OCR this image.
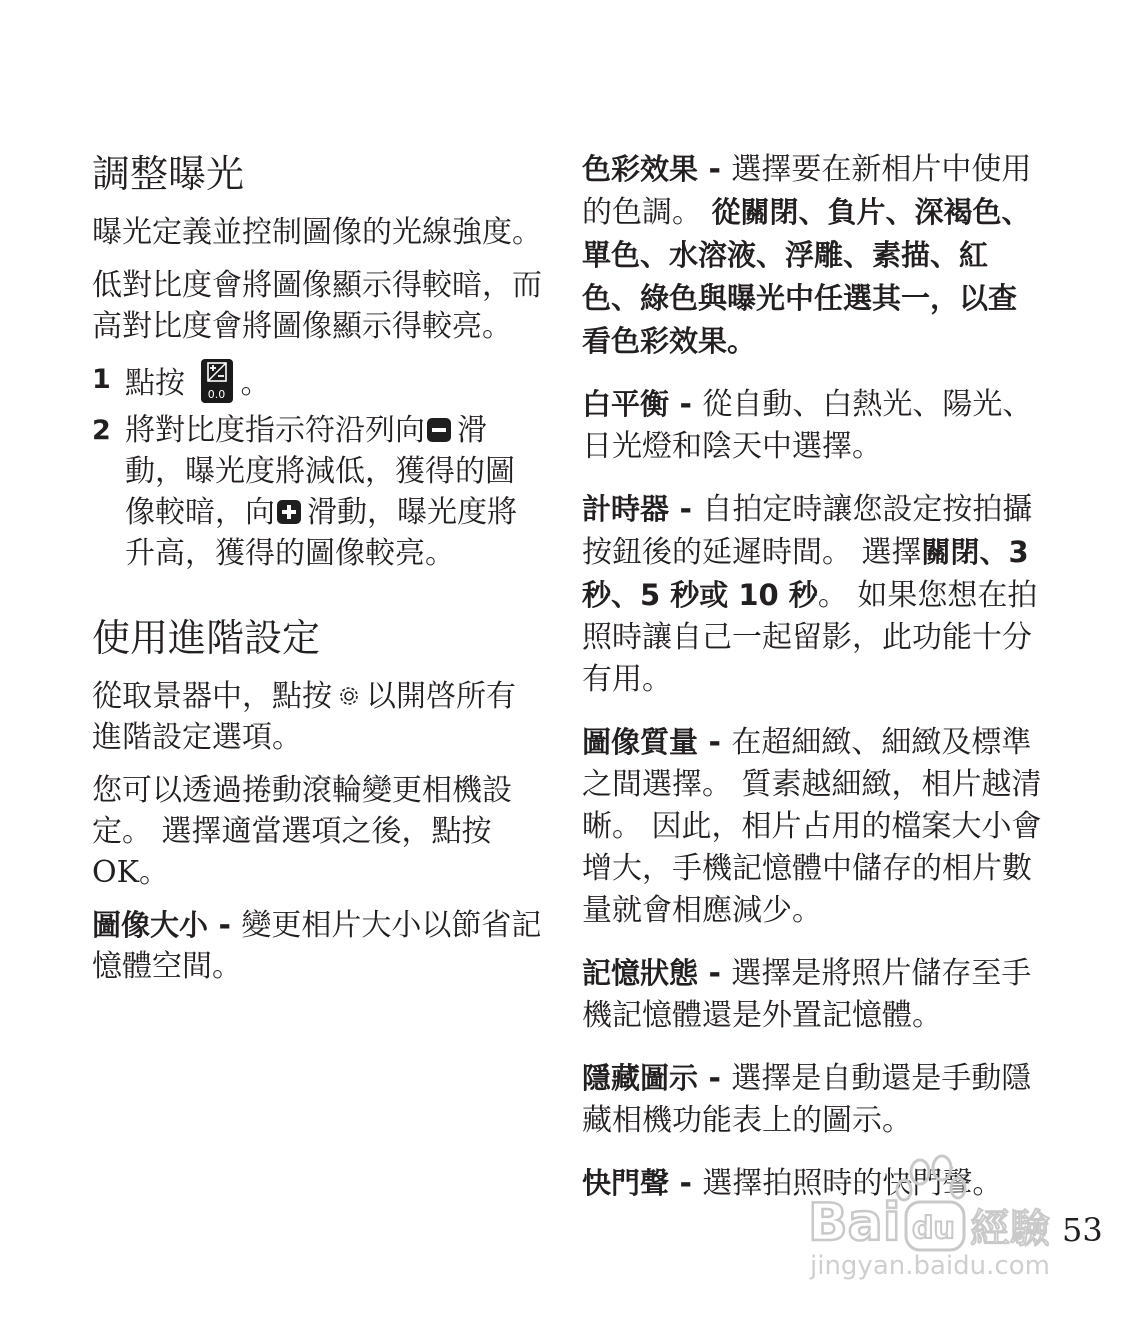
調整曝光

曝光定義並控制圖像的光線強度。

低對比度會將圖像顯示得較暗，而高對比度會將圖像顯示得較亮。

1 點按	0.0 。
2 將對比度指示符沿列向 滑動，曝光度將減低，獲得的圖像較暗，向 滑動，曝光度將升高，獲得的圖像較亮。
使用進階設定

從取景器中，點按 以開啓所有進階設定選項。

您可以透過捲動滾輪變更相機設定。 選擇適當選項之後，點按 OK。

圖像大小 - 變更相片大小以節省記憶體空間。

色彩效果 - 選擇要在新相片中使用的色調。 從關閉、負片、深褐色、單色、水溶液、浮雕、素描、紅色、綠色與曝光中任選其一，以查看色彩效果。

白平衡 - 從自動、白熱光、陽光、日光燈和陰天中選擇。

計時器 - 自拍定時讓您設定按拍攝按鈕後的延遲時間。 選擇關閉、3 秒、5 秒或 10 秒。 如果您想在拍照時讓自己一起留影，此功能十分有用。

圖像質量 - 在超細緻、細緻及標準之間選擇。 質素越細緻，相片越清晰。 因此，相片占用的檔案大小會增大，手機記憶體中儲存的相片數量就會相應減少。

記憶狀態 - 選擇是將照片儲存至手機記憶體還是外置記憶體。

隱藏圖示 - 選擇是自動還是手動隱藏相機功能表上的圖示。

快門聲 - 選擇拍照時的快門聲。

Bai du 經驗
jingyan.baidu.com
53
